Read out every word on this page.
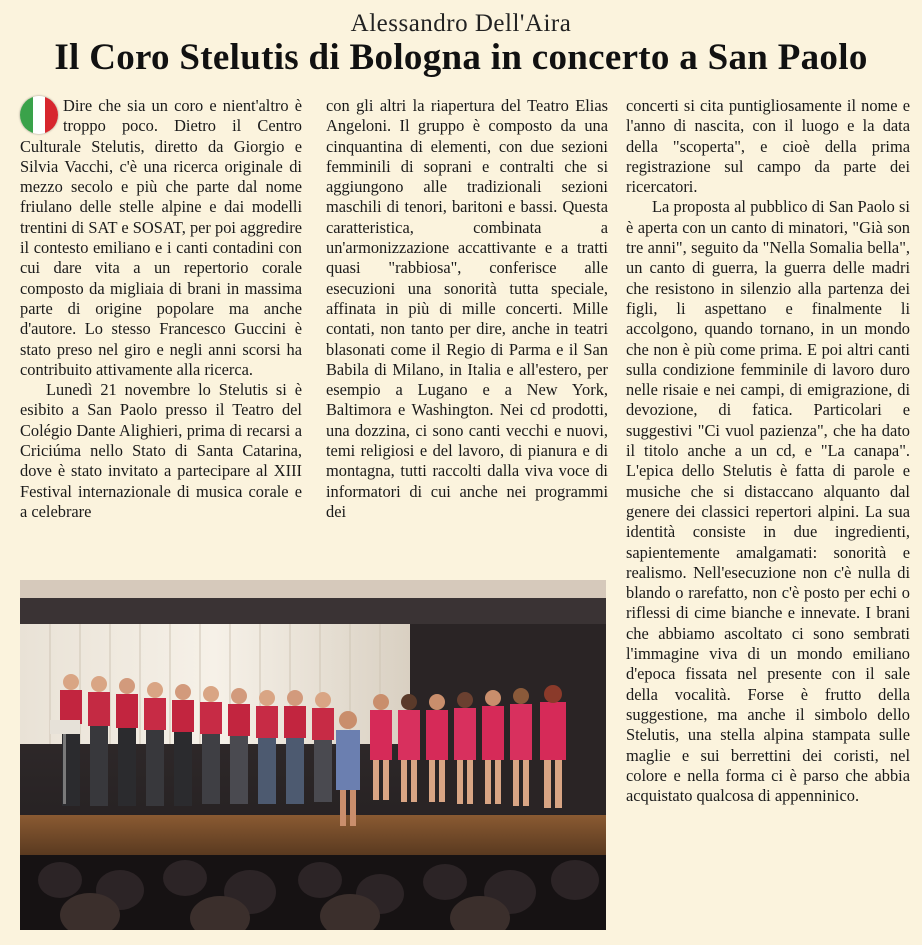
Alessandro Dell'Aira
Il Coro Stelutis di Bologna in concerto a San Paolo

Dire che sia un coro e nient'altro è troppo poco. Dietro il Centro Culturale Stelutis, diretto da Giorgio e Silvia Vacchi, c'è una ricerca originale di mezzo secolo e più che parte dal nome friulano delle stelle alpine e dai modelli trentini di SAT e SOSAT, per poi aggredire il contesto emiliano e i canti contadini con cui dare vita a un repertorio corale composto da migliaia di brani in massima parte di origine popolare ma anche d'autore. Lo stesso Francesco Guccini è stato preso nel giro e negli anni scorsi ha contribuito attivamente alla ricerca.

Lunedì 21 novembre lo Stelutis si è esibito a San Paolo presso il Teatro del Colégio Dante Alighieri, prima di recarsi a Criciúma nello Stato di Santa Catarina, dove è stato invitato a partecipare al XIII Festival internazionale di musica corale e a celebrare

con gli altri la riapertura del Teatro Elias Angeloni. Il gruppo è composto da una cinquantina di elementi, con due sezioni femminili di soprani e contralti che si aggiungono alle tradizionali sezioni maschili di tenori, baritoni e bassi. Questa caratteristica, combinata a un'armonizzazione accattivante e a tratti quasi "rabbiosa", conferisce alle esecuzioni una sonorità tutta speciale, affinata in più di mille concerti. Mille contati, non tanto per dire, anche in teatri blasonati come il Regio di Parma e il San Babila di Milano, in Italia e all'estero, per esempio a Lugano e a New York, Baltimora e Washington. Nei cd prodotti, una dozzina, ci sono canti vecchi e nuovi, temi religiosi e del lavoro, di pianura e di montagna, tutti raccolti dalla viva voce di informatori di cui anche nei programmi dei

concerti si cita puntigliosamente il nome e l'anno di nascita, con il luogo e la data della "scoperta", e cioè della prima registrazione sul campo da parte dei ricercatori.

La proposta al pubblico di San Paolo si è aperta con un canto di minatori, "Già son tre anni", seguito da "Nella Somalia bella", un canto di guerra, la guerra delle madri che resistono in silenzio alla partenza dei figli, li aspettano e finalmente li accolgono, quando tornano, in un mondo che non è più come prima. E poi altri canti sulla condizione femminile di lavoro duro nelle risaie e nei campi, di emigrazione, di devozione, di fatica. Particolari e suggestivi "Ci vuol pazienza", che ha dato il titolo anche a un cd, e "La canapa". L'epica dello Stelutis è fatta di parole e musiche che si distaccano alquanto dal genere dei classici repertori alpini. La sua identità consiste in due ingredienti, sapientemente amalgamati: sonorità e realismo. Nell'esecuzione non c'è nulla di blando o rarefatto, non c'è posto per echi o riflessi di cime bianche e innevate. I brani che abbiamo ascoltato ci sono sembrati l'immagine viva di un mondo emiliano d'epoca fissata nel presente con il sale della vocalità. Forse è frutto della suggestione, ma anche il simbolo dello Stelutis, una stella alpina stampata sulle maglie e sui berrettini dei coristi, nel colore e nella forma ci è parso che abbia acquistato qualcosa di appenninico.
